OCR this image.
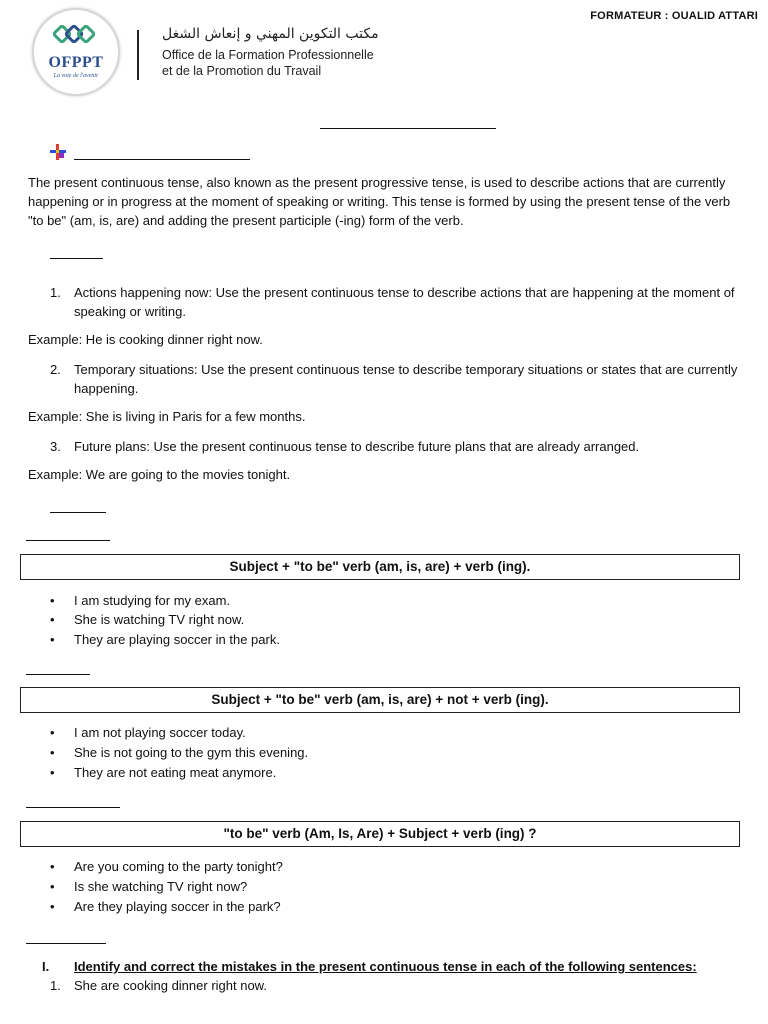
OFPPT
La voie de l'avenir
مكتب التكوين المهني و إنعاش الشغل
Office de la Formation Professionnelle
et de la Promotion du Travail
FORMATEUR : OUALID ATTARI
The present continuous tense, also known as the present progressive tense, is used to describe actions that are currently happening or in progress at the moment of speaking or writing. This tense is formed by using the present tense of the verb "to be" (am, is, are) and adding the present participle (-ing) form of the verb.
1. Actions happening now: Use the present continuous tense to describe actions that are happening at the moment of speaking or writing.
Example: He is cooking dinner right now.
2. Temporary situations: Use the present continuous tense to describe temporary situations or states that are currently happening.
Example: She is living in Paris for a few months.
3. Future plans: Use the present continuous tense to describe future plans that are already arranged.
Example: We are going to the movies tonight.
Subject + "to be" verb (am, is, are) + verb (ing).
• I am studying for my exam.
• She is watching TV right now.
• They are playing soccer in the park.
Subject + "to be" verb (am, is, are) + not + verb (ing).
• I am not playing soccer today.
• She is not going to the gym this evening.
• They are not eating meat anymore.
"to be" verb (Am, Is, Are) + Subject + verb (ing) ?
• Are you coming to the party tonight?
• Is she watching TV right now?
• Are they playing soccer in the park?
I. Identify and correct the mistakes in the present continuous tense in each of the following sentences:
1. She are cooking dinner right now.
